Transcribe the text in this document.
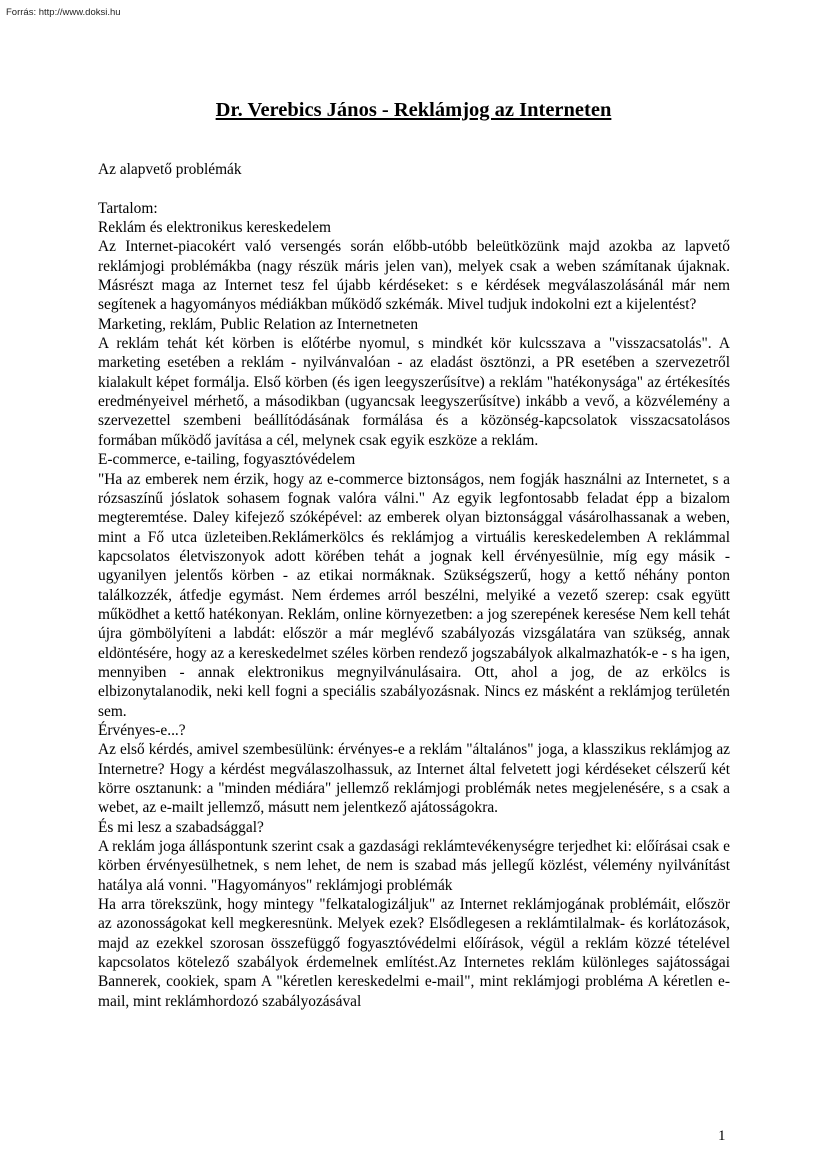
Forrás: http://www.doksi.hu
Dr. Verebics János - Reklámjog az Interneten

Az alapvető problémák

Tartalom:

Reklám és elektronikus kereskedelem

Az Internet-piacokért való versengés során előbb-utóbb beleütközünk majd azokba az lapvető reklámjogi problémákba (nagy részük máris jelen van), melyek csak a weben számítanak újaknak. Másrészt maga az Internet tesz fel újabb kérdéseket: s e kérdések megválaszolásánál már nem segítenek a hagyományos médiákban működő szkémák. Mivel tudjuk indokolni ezt a kijelentést?

Marketing, reklám, Public Relation az Internetneten

A reklám tehát két körben is előtérbe nyomul, s mindkét kör kulcsszava a "visszacsatolás". A marketing esetében a reklám - nyilvánvalóan - az eladást ösztönzi, a PR esetében a szervezetről kialakult képet formálja. Első körben (és igen leegyszerűsítve) a reklám "hatékonysága" az értékesítés eredményeivel mérhető, a másodikban (ugyancsak leegyszerűsítve) inkább a vevő, a közvélemény a szervezettel szembeni beállítódásának formálása és a közönség-kapcsolatok visszacsatolásos formában működő javítása a cél, melynek csak egyik eszköze a reklám.

E-commerce, e-tailing, fogyasztóvédelem

"Ha az emberek nem érzik, hogy az e-commerce biztonságos, nem fogják használni az Internetet, s a rózsaszínű jóslatok sohasem fognak valóra válni." Az egyik legfontosabb feladat épp a bizalom megteremtése. Daley kifejező szóképével: az emberek olyan biztonsággal vásárolhassanak a weben, mint a Fő utca üzleteiben.Reklámerkölcs és reklámjog a virtuális kereskedelemben A reklámmal kapcsolatos életviszonyok adott körében tehát a jognak kell érvényesülnie, míg egy másik - ugyanilyen jelentős körben - az etikai normáknak. Szükségszerű, hogy a kettő néhány ponton találkozzék, átfedje egymást. Nem érdemes arról beszélni, melyiké a vezető szerep: csak együtt működhet a kettő hatékonyan. Reklám, online környezetben: a jog szerepének keresése Nem kell tehát újra gömbölyíteni a labdát: először a már meglévő szabályozás vizsgálatára van szükség, annak eldöntésére, hogy az a kereskedelmet széles körben rendező jogszabályok alkalmazhatók-e - s ha igen, mennyiben - annak elektronikus megnyilvánulásaira. Ott, ahol a jog, de az erkölcs is elbizonytalanodik, neki kell fogni a speciális szabályozásnak. Nincs ez másként a reklámjog területén sem.

Érvényes-e...?

Az első kérdés, amivel szembesülünk: érvényes-e a reklám "általános" joga, a klasszikus reklámjog az Internetre? Hogy a kérdést megválaszolhassuk, az Internet által felvetett jogi kérdéseket célszerű két körre osztanunk: a "minden médiára" jellemző reklámjogi problémák netes megjelenésére, s a csak a webet, az e-mailt jellemző, másutt nem jelentkező ajátosságokra.

És mi lesz a szabadsággal?

A reklám joga álláspontunk szerint csak a gazdasági reklámtevékenységre terjedhet ki: előírásai csak e körben érvényesülhetnek, s nem lehet, de nem is szabad más jellegű közlést, vélemény nyilvánítást hatálya alá vonni. "Hagyományos" reklámjogi problémák

Ha arra törekszünk, hogy mintegy "felkatalogizáljuk" az Internet reklámjogának problémáit, először az azonosságokat kell megkeresnünk. Melyek ezek? Elsődlegesen a reklámtilalmak- és korlátozások, majd az ezekkel szorosan összefüggő fogyasztóvédelmi előírások, végül a reklám közzé tételével kapcsolatos kötelező szabályok érdemelnek említést.Az Internetes reklám különleges sajátosságai Bannerek, cookiek, spam A "kéretlen kereskedelmi e-mail", mint reklámjogi probléma A kéretlen e-mail, mint reklámhordozó szabályozásával

1
